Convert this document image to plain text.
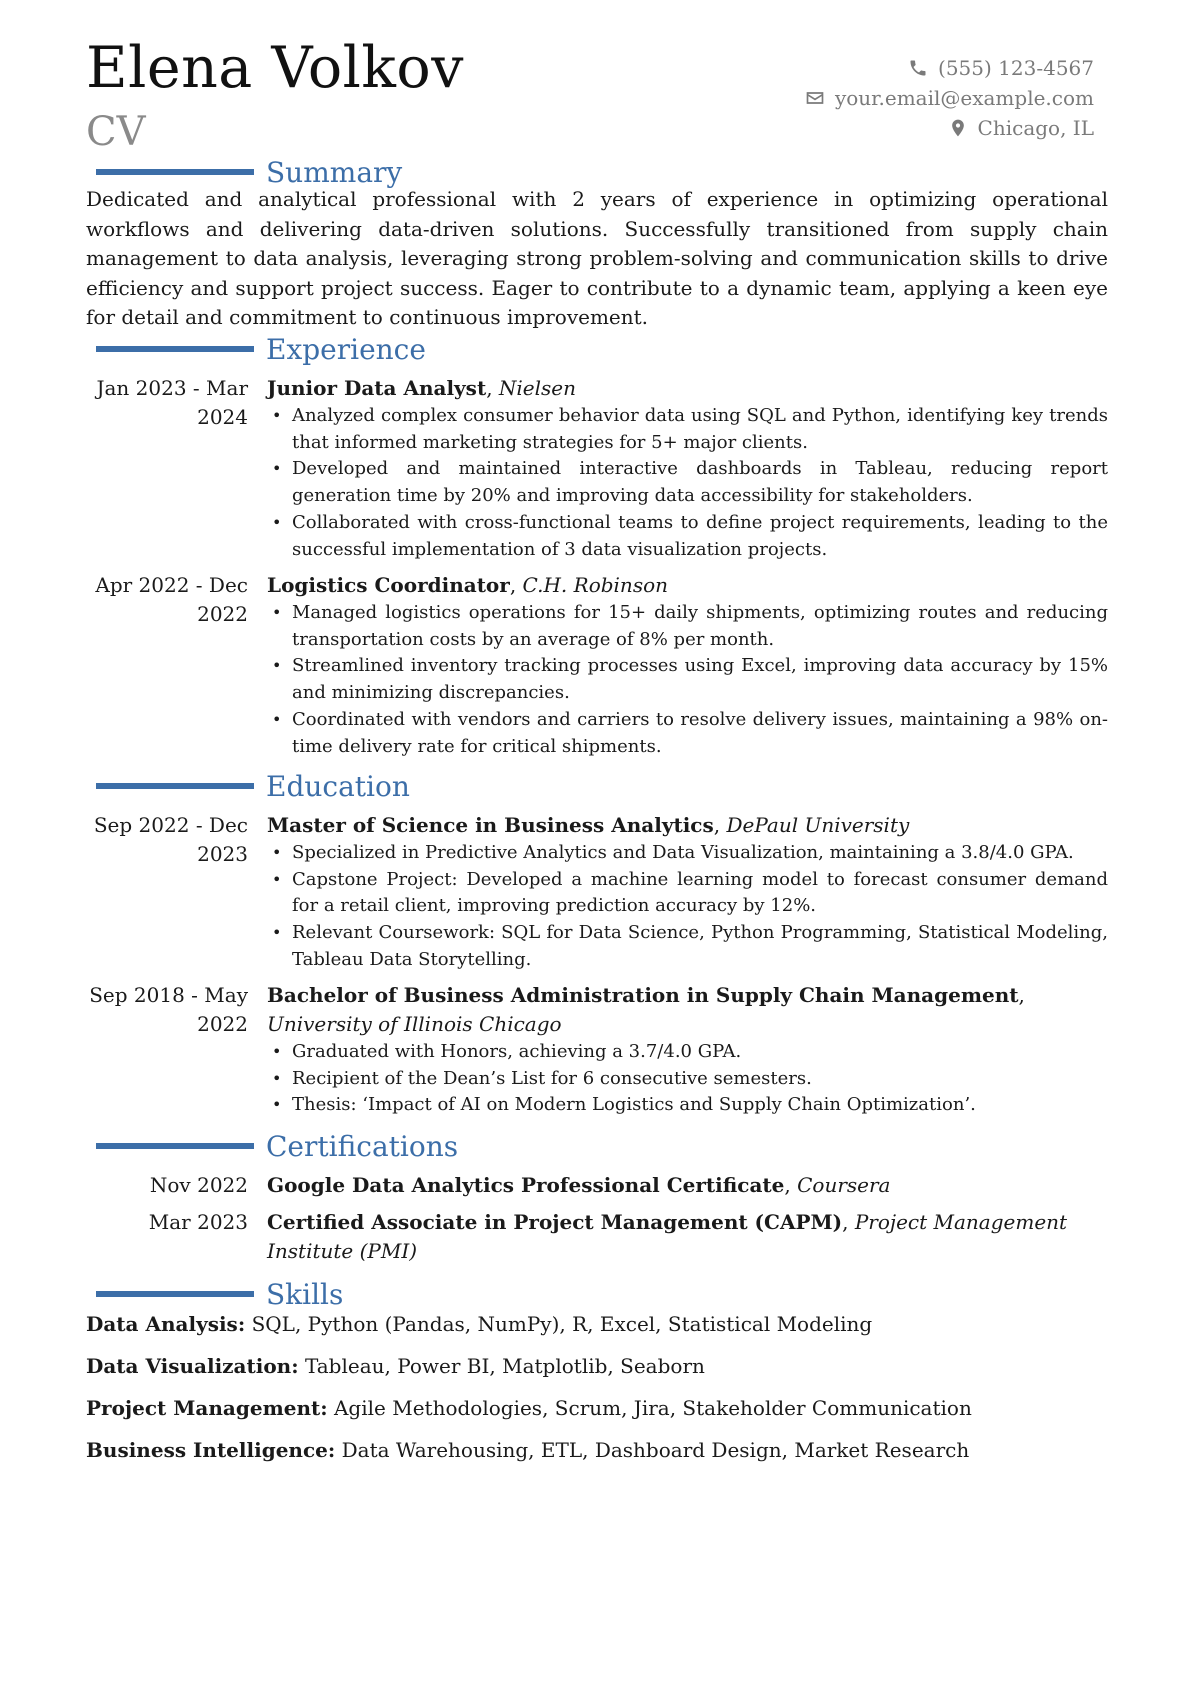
Elena Volkov
CV
(555) 123-4567
your.email@example.com
Chicago, IL
Summary
Dedicated and analytical professional with 2 years of experience in optimizing operational workflows and delivering data-driven solutions. Successfully transitioned from supply chain management to data analysis, leveraging strong problem-solving and communication skills to drive efficiency and support project success. Eager to contribute to a dynamic team, applying a keen eye for detail and commitment to continuous improvement.
Experience
Jan 2023 - Mar
2024
Junior Data Analyst, Nielsen
• Analyzed complex consumer behavior data using SQL and Python, identifying key trends that informed marketing strategies for 5+ major clients.
• Developed and maintained interactive dashboards in Tableau, reducing report generation time by 20% and improving data accessibility for stakeholders.
• Collaborated with cross-functional teams to define project requirements, leading to the successful implementation of 3 data visualization projects.
Apr 2022 - Dec
2022
Logistics Coordinator, C.H. Robinson
• Managed logistics operations for 15+ daily shipments, optimizing routes and reducing transportation costs by an average of 8% per month.
• Streamlined inventory tracking processes using Excel, improving data accuracy by 15% and minimizing discrepancies.
• Coordinated with vendors and carriers to resolve delivery issues, maintaining a 98% on-time delivery rate for critical shipments.
Education
Sep 2022 - Dec
2023
Master of Science in Business Analytics, DePaul University
• Specialized in Predictive Analytics and Data Visualization, maintaining a 3.8/4.0 GPA.
• Capstone Project: Developed a machine learning model to forecast consumer demand for a retail client, improving prediction accuracy by 12%.
• Relevant Coursework: SQL for Data Science, Python Programming, Statistical Modeling, Tableau Data Storytelling.
Sep 2018 - May
2022
Bachelor of Business Administration in Supply Chain Management, University of Illinois Chicago
• Graduated with Honors, achieving a 3.7/4.0 GPA.
• Recipient of the Dean’s List for 6 consecutive semesters.
• Thesis: ‘Impact of AI on Modern Logistics and Supply Chain Optimization’.
Certifications
Nov 2022 Google Data Analytics Professional Certificate, Coursera
Mar 2023 Certified Associate in Project Management (CAPM), Project Management Institute (PMI)
Skills
Data Analysis: SQL, Python (Pandas, NumPy), R, Excel, Statistical Modeling
Data Visualization: Tableau, Power BI, Matplotlib, Seaborn
Project Management: Agile Methodologies, Scrum, Jira, Stakeholder Communication
Business Intelligence: Data Warehousing, ETL, Dashboard Design, Market Research
